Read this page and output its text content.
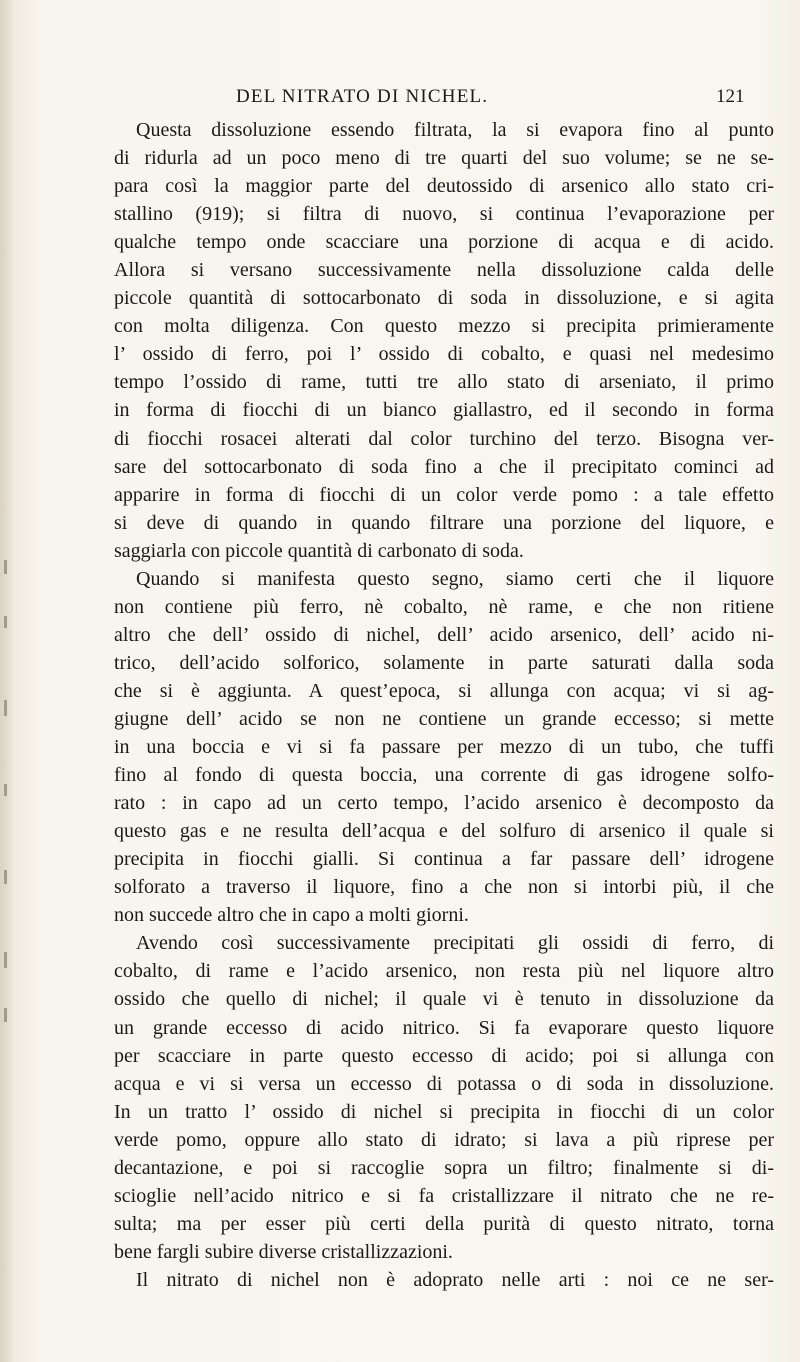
DEL NITRATO DI NICHEL.	121
Questa dissoluzione essendo filtrata, la si evapora fino al punto
di ridurla ad un poco meno di tre quarti del suo volume; se ne se-
para così la maggior parte del deutossido di arsenico allo stato cri-
stallino (919); si filtra di nuovo, si continua l’evaporazione per
qualche tempo onde scacciare una porzione di acqua e di acido.
Allora si versano successivamente nella dissoluzione calda delle
piccole quantità di sottocarbonato di soda in dissoluzione, e si agita
con molta diligenza. Con questo mezzo si precipita primieramente
l’ ossido di ferro, poi l’ ossido di cobalto, e quasi nel medesimo
tempo l’ossido di rame, tutti tre allo stato di arseniato, il primo
in forma di fiocchi di un bianco giallastro, ed il secondo in forma
di fiocchi rosacei alterati dal color turchino del terzo. Bisogna ver-
sare del sottocarbonato di soda fino a che il precipitato cominci ad
apparire in forma di fiocchi di un color verde pomo : a tale effetto
si deve di quando in quando filtrare una porzione del liquore, e
saggiarla con piccole quantità di carbonato di soda.
Quando si manifesta questo segno, siamo certi che il liquore
non contiene più ferro, nè cobalto, nè rame, e che non ritiene
altro che dell’ ossido di nichel, dell’ acido arsenico, dell’ acido ni-
trico, dell’acido solforico, solamente in parte saturati dalla soda
che si è aggiunta. A quest’epoca, si allunga con acqua; vi si ag-
giugne dell’ acido se non ne contiene un grande eccesso; si mette
in una boccia e vi si fa passare per mezzo di un tubo, che tuffi
fino al fondo di questa boccia, una corrente di gas idrogene solfo-
rato : in capo ad un certo tempo, l’acido arsenico è decomposto da
questo gas e ne resulta dell’acqua e del solfuro di arsenico il quale si
precipita in fiocchi gialli. Si continua a far passare dell’ idrogene
solforato a traverso il liquore, fino a che non si intorbi più, il che
non succede altro che in capo a molti giorni.
Avendo così successivamente precipitati gli ossidi di ferro, di
cobalto, di rame e l’acido arsenico, non resta più nel liquore altro
ossido che quello di nichel; il quale vi è tenuto in dissoluzione da
un grande eccesso di acido nitrico. Si fa evaporare questo liquore
per scacciare in parte questo eccesso di acido; poi si allunga con
acqua e vi si versa un eccesso di potassa o di soda in dissoluzione.
In un tratto l’ ossido di nichel si precipita in fiocchi di un color
verde pomo, oppure allo stato di idrato; si lava a più riprese per
decantazione, e poi si raccoglie sopra un filtro; finalmente si di-
scioglie nell’acido nitrico e si fa cristallizzare il nitrato che ne re-
sulta; ma per esser più certi della purità di questo nitrato, torna
bene fargli subire diverse cristallizzazioni.
Il nitrato di nichel non è adoprato nelle arti : noi ce ne ser-
